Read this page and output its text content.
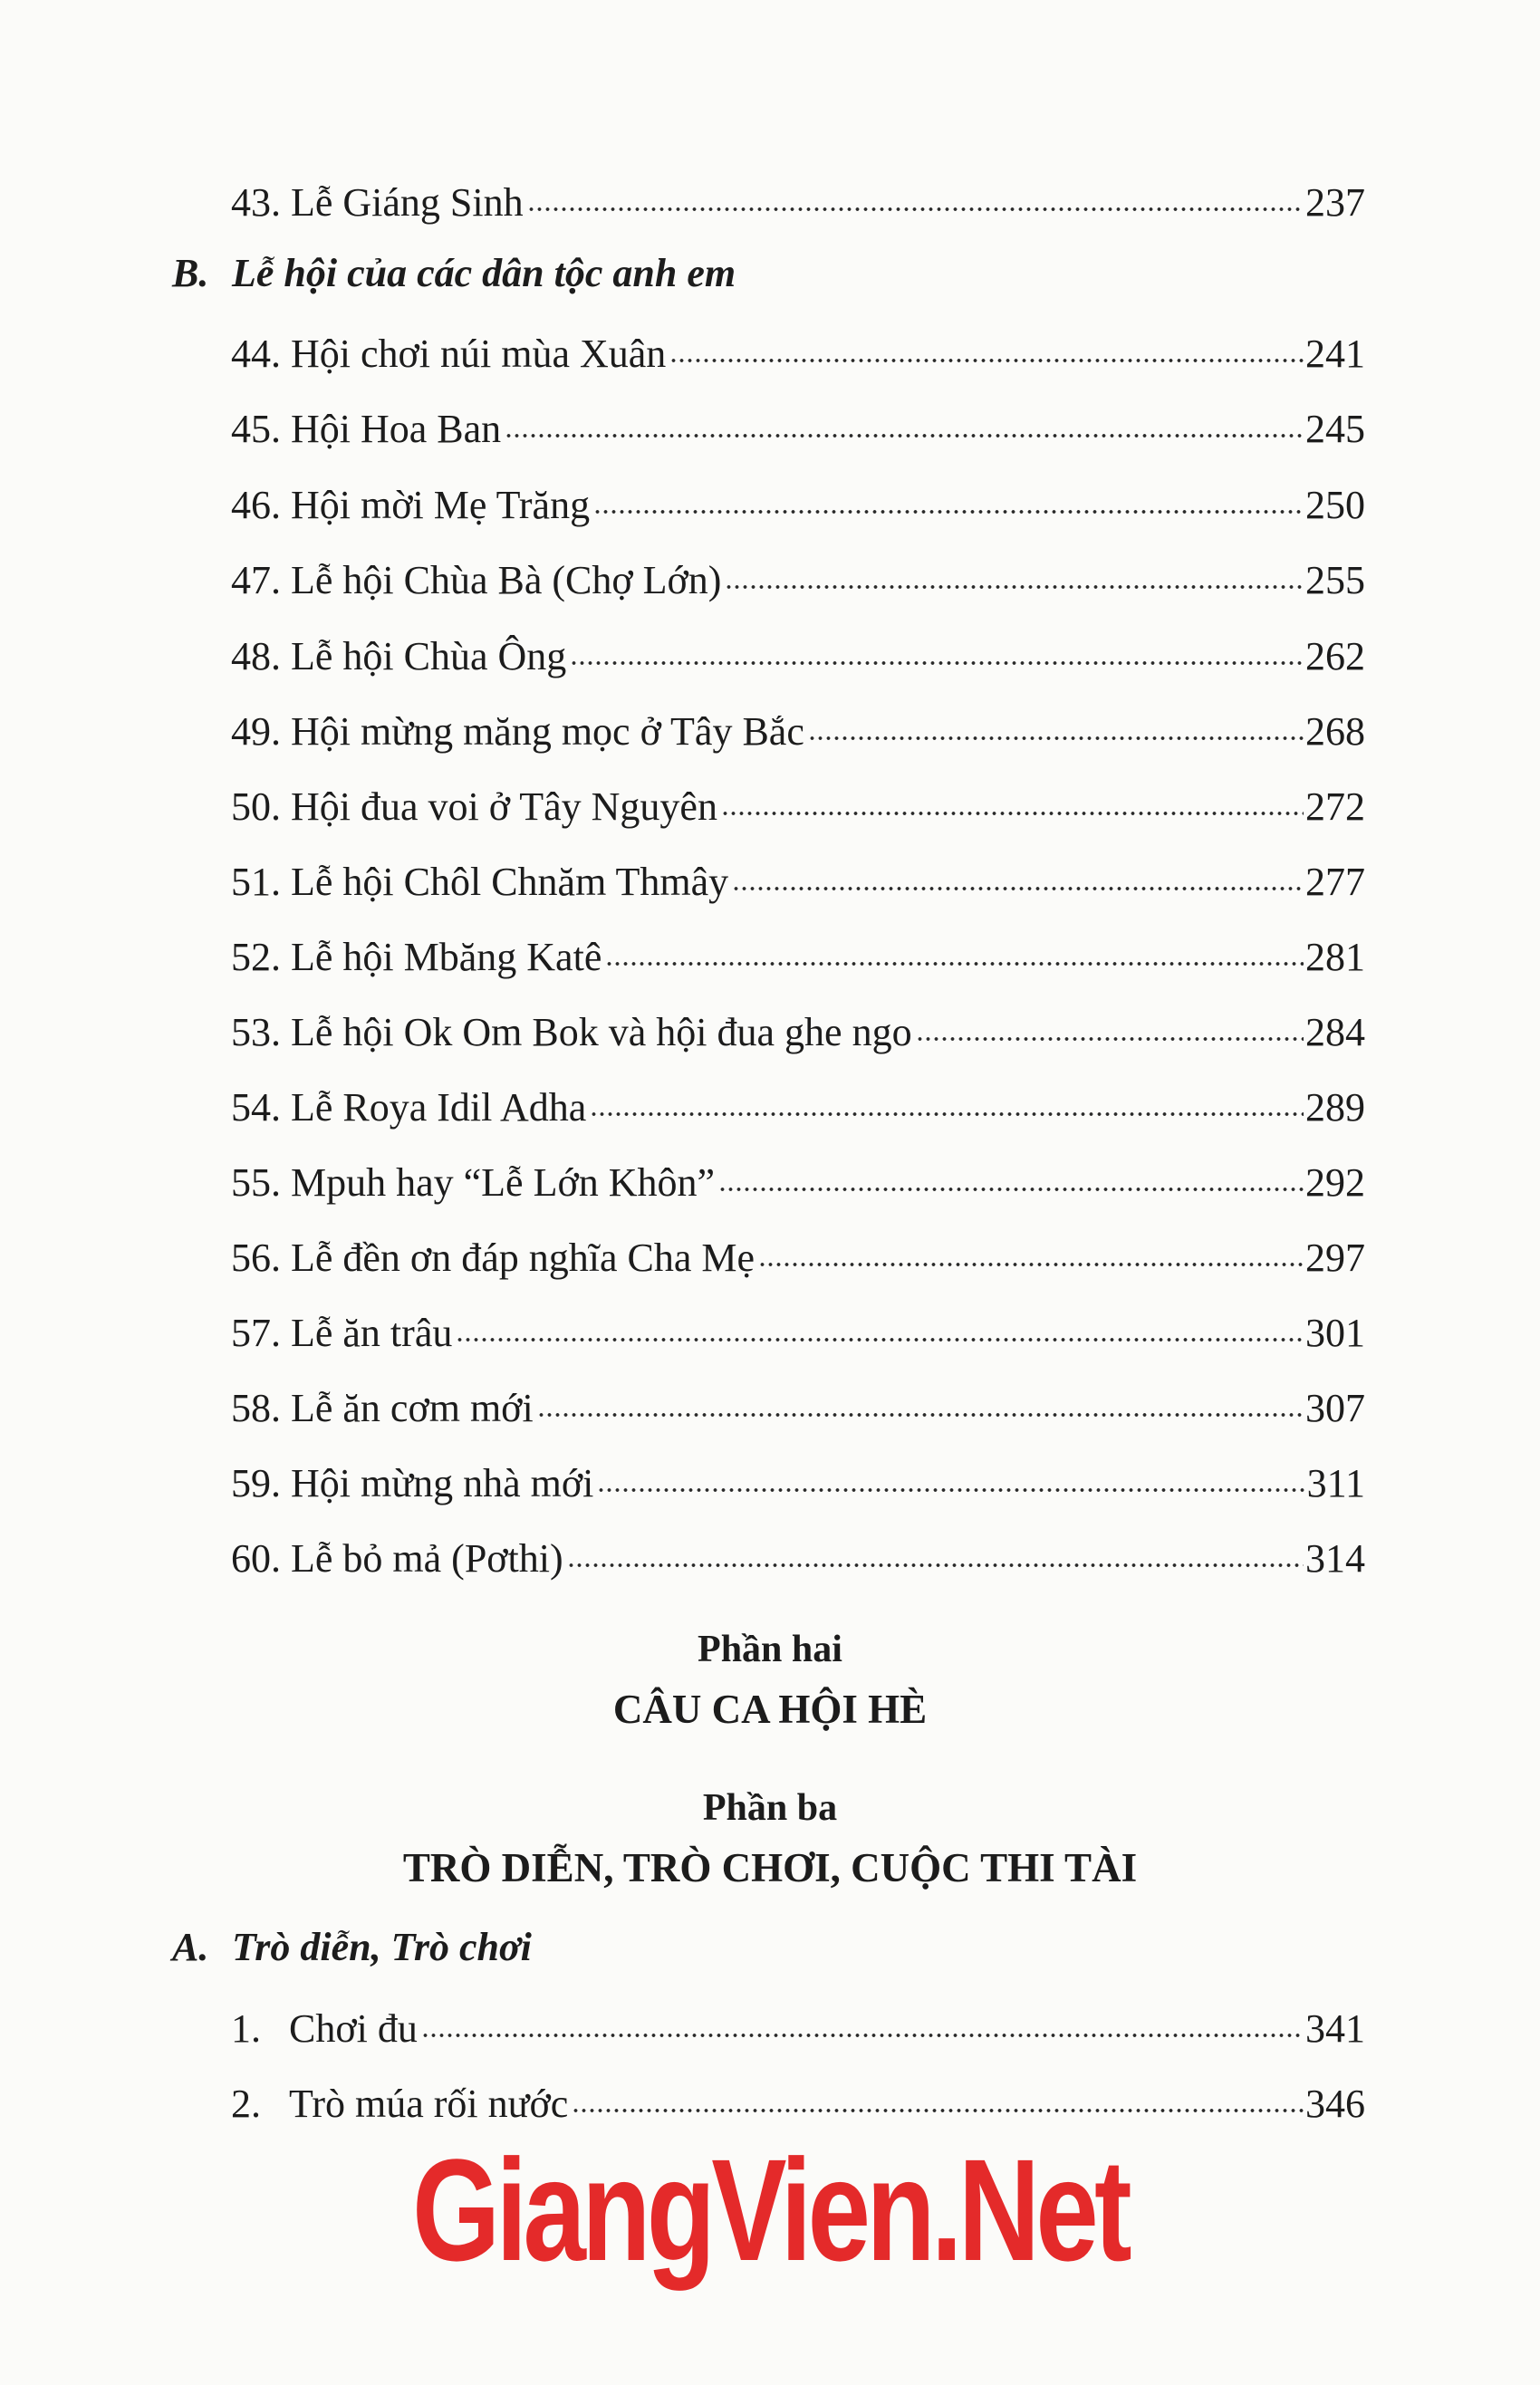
43. Lễ Giáng Sinh	237
B. Lễ hội của các dân tộc anh em
44. Hội chơi núi mùa Xuân	241
45. Hội Hoa Ban	245
46. Hội mời Mẹ Trăng	250
47. Lễ hội Chùa Bà (Chợ Lớn)	255
48. Lễ hội Chùa Ông	262
49. Hội mừng măng mọc ở Tây Bắc	268
50. Hội đua voi ở Tây Nguyên	272
51. Lễ hội Chôl Chnăm Thmây	277
52. Lễ hội Mbăng Katê	281
53. Lễ hội Ok Om Bok và hội đua ghe ngo	284
54. Lễ Roya Idil Adha	289
55. Mpuh hay “Lễ Lớn Khôn”	292
56. Lễ đền ơn đáp nghĩa Cha Mẹ	297
57. Lễ ăn trâu	301
58. Lễ ăn cơm mới	307
59. Hội mừng nhà mới	311
60. Lễ bỏ mả (Pơthi)	314
Phần hai
CÂU CA HỘI HÈ
Phần ba
TRÒ DIỄN, TRÒ CHƠI, CUỘC THI TÀI
A. Trò diễn, Trò chơi
1. Chơi đu	341
2. Trò múa rối nước	346
GiangVien.Net
